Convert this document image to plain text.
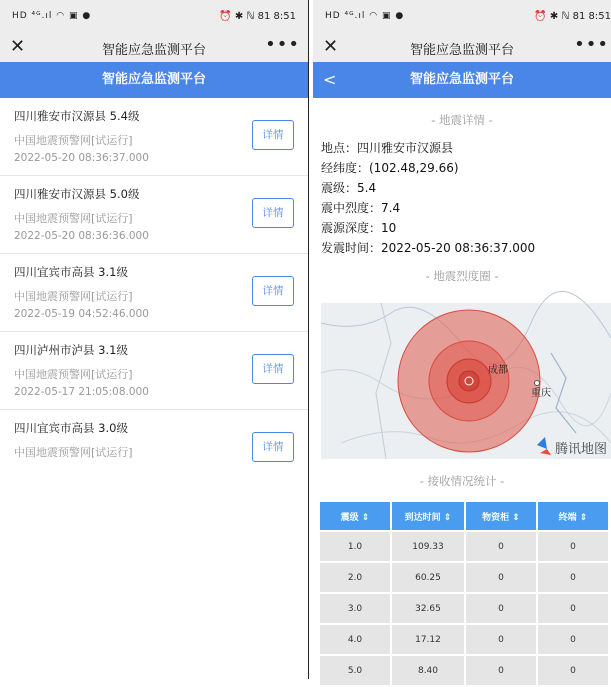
HD ⁴ᴳ.ıl ◠ ▣ ●	⏰ ✱ ℕ 81 8:51
✕	智能应急监测平台	•••
智能应急监测平台
四川雅安市汉源县 5.4级
中国地震预警网[试运行]
2022-05-20 08:36:37.000
详情
四川雅安市汉源县 5.0级
中国地震预警网[试运行]
2022-05-20 08:36:36.000
详情
四川宜宾市高县 3.1级
中国地震预警网[试运行]
2022-05-19 04:52:46.000
详情
四川泸州市泸县 3.1级
中国地震预警网[试运行]
2022-05-17 21:05:08.000
详情
四川宜宾市高县 3.0级
中国地震预警网[试运行]	详情
HD ⁴ᴳ.ıl ◠ ▣ ●	⏰ ✱ ℕ 81 8:51
✕	智能应急监测平台	•••
<	智能应急监测平台
- 地震详情 -
地点：四川雅安市汉源县
经纬度：(102.48,29.66)
震级：5.4
震中烈度：7.4
震源深度：10
发震时间：2022-05-20 08:36:37.000
- 地震烈度圈 -
成都
重庆
腾讯地图
- 接收情况统计 -
震级 ⇕	到达时间 ⇕	物资柜 ⇕	终端 ⇕
1.0	109.33	0	0
2.0	60.25	0	0
3.0	32.65	0	0
4.0	17.12	0	0
5.0	8.40	0	0
